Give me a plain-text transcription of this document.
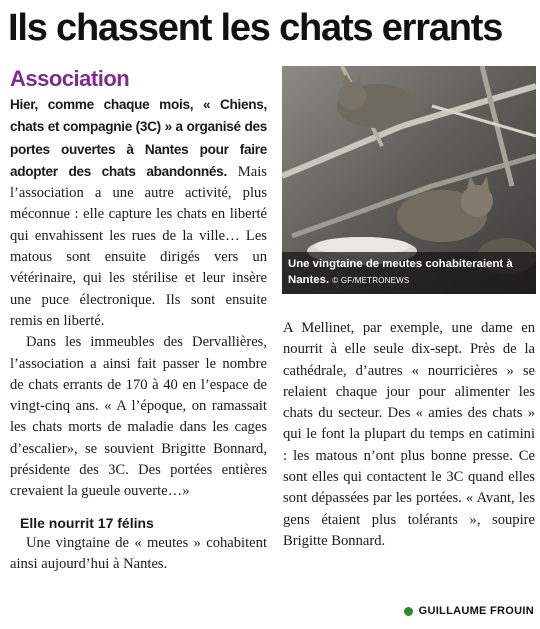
Ils chassent les chats errants
Association

Hier, comme chaque mois, « Chiens, chats et compagnie (3C) » a organisé des portes ouvertes à Nantes pour faire adopter des chats abandonnés. Mais l’association a une autre activité, plus méconnue : elle capture les chats en liberté qui envahissent les rues de la ville… Les matous sont ensuite dirigés vers un vétérinaire, qui les stérilise et leur insère une puce électronique. Ils sont ensuite remis en liberté.

Dans les immeubles des Dervallières, l’association a ainsi fait passer le nombre de chats errants de 170 à 40 en l’espace de vingt-cinq ans. « A l’époque, on ramassait les chats morts de maladie dans les cages d’escalier», se souvient Brigitte Bonnard, présidente des 3C. Des portées entières crevaient la gueule ouverte…»

Elle nourrit 17 félins

Une vingtaine de « meutes » cohabitent ainsi aujourd’hui à Nantes.

Une vingtaine de meutes cohabiteraient à Nantes. © GF/METRONEWS

A Mellinet, par exemple, une dame en nourrit à elle seule dix-sept. Près de la cathédrale, d’autres « nourricières » se relaient chaque jour pour alimenter les chats du secteur. Des « amies des chats » qui le font la plupart du temps en catimini : les matous n’ont plus bonne presse. Ce sont elles qui contactent le 3C quand elles sont dépassées par les portées. « Avant, les gens étaient plus tolérants », soupire Brigitte Bonnard.

GUILLAUME FROUIN
